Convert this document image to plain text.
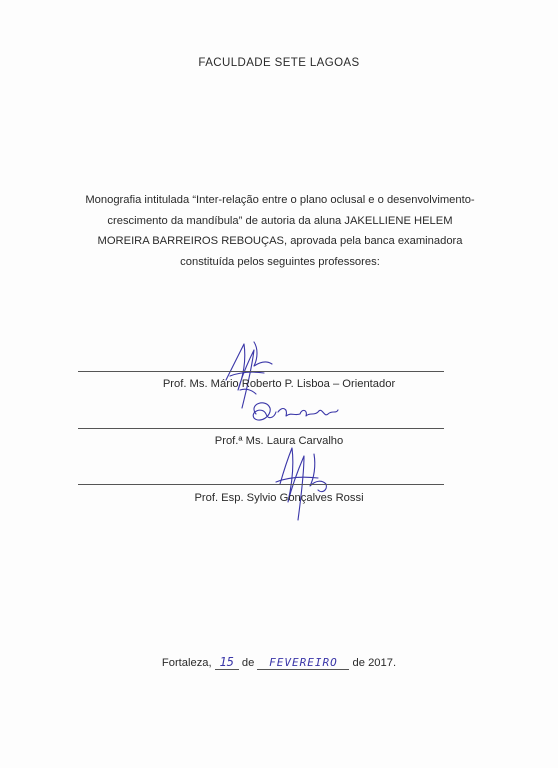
FACULDADE SETE LAGOAS
Monografia intitulada “Inter-relação entre o plano oclusal e o desenvolvimento-
crescimento da mandíbula” de autoria da aluna JAKELLIENE HELEM
MOREIRA BARREIROS REBOUÇAS, aprovada pela banca examinadora
constituída pelos seguintes professores:
Prof. Ms. Mário Roberto P. Lisboa – Orientador
Prof.ª Ms. Laura Carvalho
Prof. Esp. Sylvio Gonçalves Rossi
Fortaleza, 15 de FEVEREIRO de 2017.
